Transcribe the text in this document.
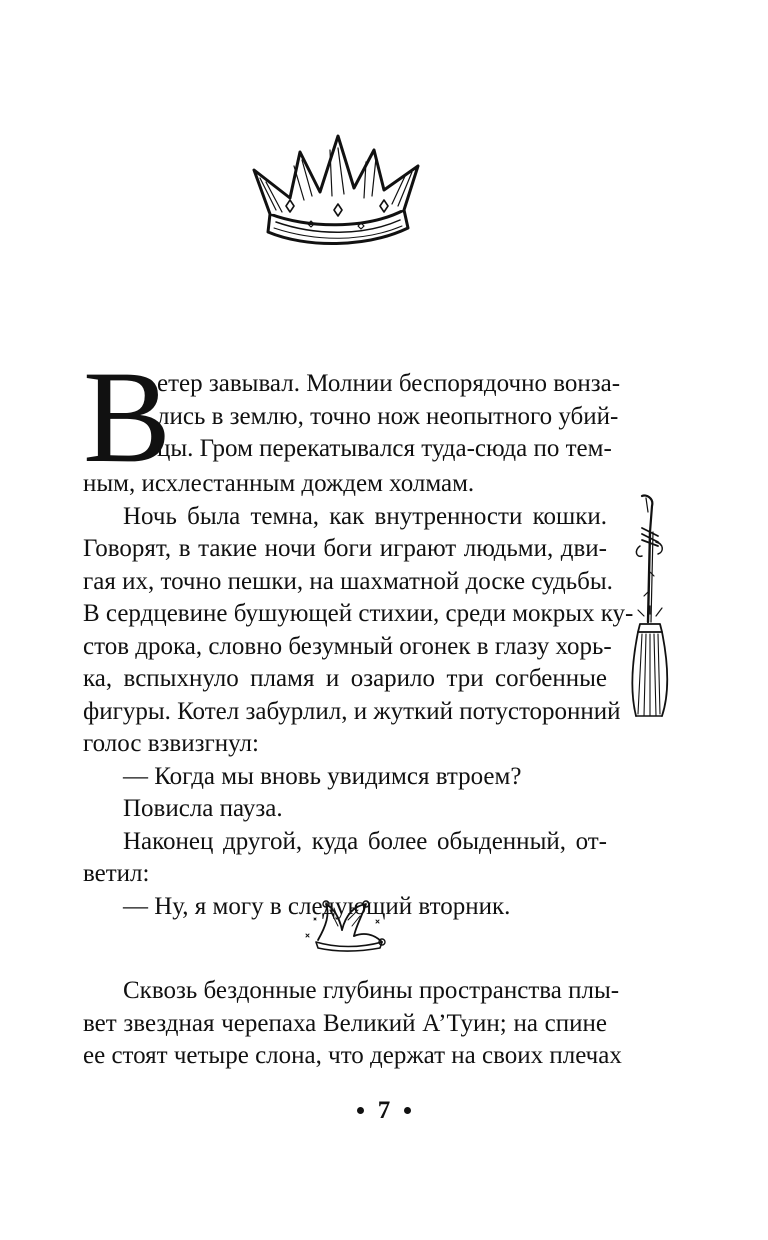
В
етер завывал. Молнии беспорядочно вонза-
лись в землю, точно нож неопытного убий-
цы. Гром перекатывался туда-сюда по тем-
ным, исхлестанным дождем холмам.
Ночь была темна, как внутренности кошки.
Говорят, в такие ночи боги играют людьми, дви-
гая их, точно пешки, на шахматной доске судьбы.
В сердцевине бушующей стихии, среди мокрых ку-
стов дрока, словно безумный огонек в глазу хорь-
ка, вспыхнуло пламя и озарило три согбенные
фигуры. Котел забурлил, и жуткий потусторонний
голос взвизгнул:
— Когда мы вновь увидимся втроем?
Повисла пауза.
Наконец другой, куда более обыденный, от-
ветил:
— Ну, я могу в следующий вторник.
Сквозь бездонные глубины пространства плы-
вет звездная черепаха Великий А’Туин; на спине
ее стоят четыре слона, что держат на своих плечах
7
